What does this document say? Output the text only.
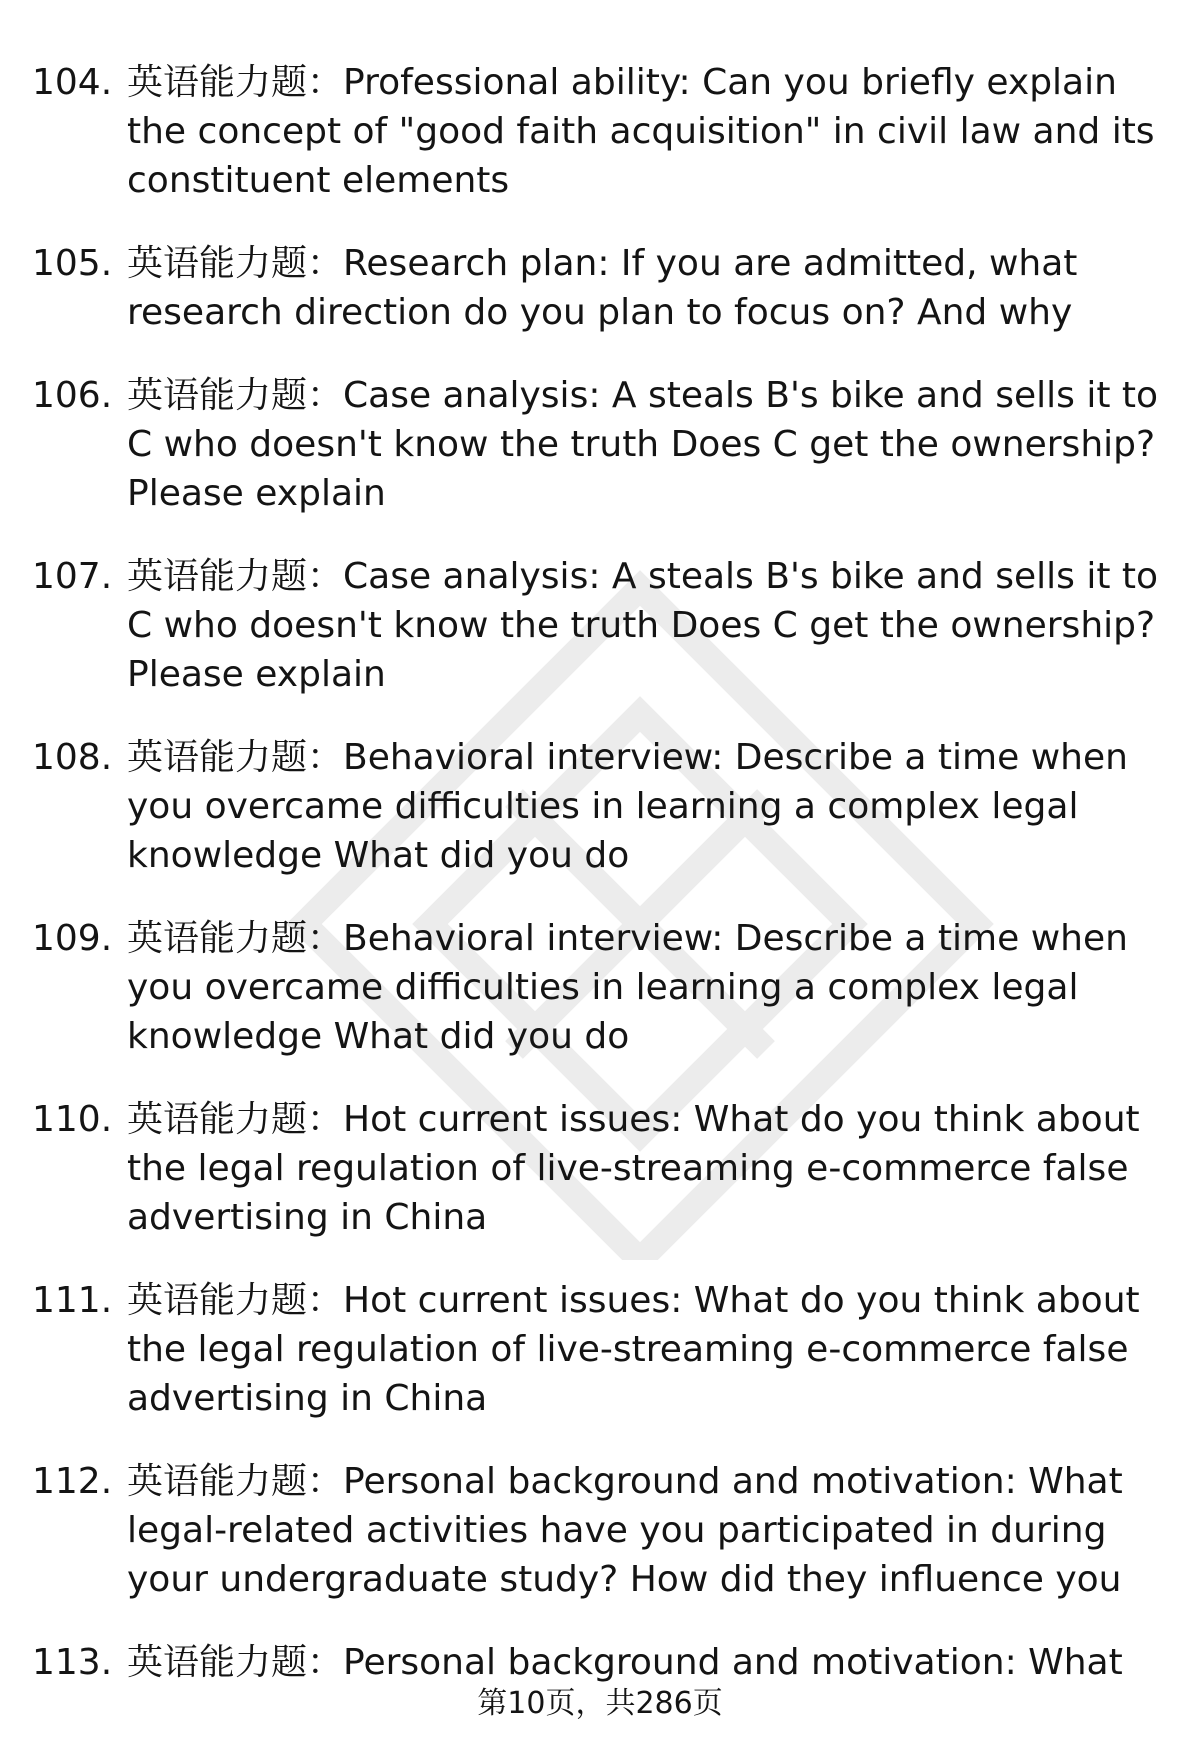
104. 英语能力题：Professional ability: Can you briefly explain the concept of "good faith acquisition" in civil law and its constituent elements
105. 英语能力题：Research plan: If you are admitted, what research direction do you plan to focus on? And why
106. 英语能力题：Case analysis: A steals B's bike and sells it to C who doesn't know the truth Does C get the ownership? Please explain
107. 英语能力题：Case analysis: A steals B's bike and sells it to C who doesn't know the truth Does C get the ownership? Please explain
108. 英语能力题：Behavioral interview: Describe a time when you overcame difficulties in learning a complex legal knowledge What did you do
109. 英语能力题：Behavioral interview: Describe a time when you overcame difficulties in learning a complex legal knowledge What did you do
110. 英语能力题：Hot current issues: What do you think about the legal regulation of live-streaming e-commerce false advertising in China
111. 英语能力题：Hot current issues: What do you think about the legal regulation of live-streaming e-commerce false advertising in China
112. 英语能力题：Personal background and motivation: What legal-related activities have you participated in during your undergraduate study? How did they influence you
113. 英语能力题：Personal background and motivation: What
第10页，共286页
